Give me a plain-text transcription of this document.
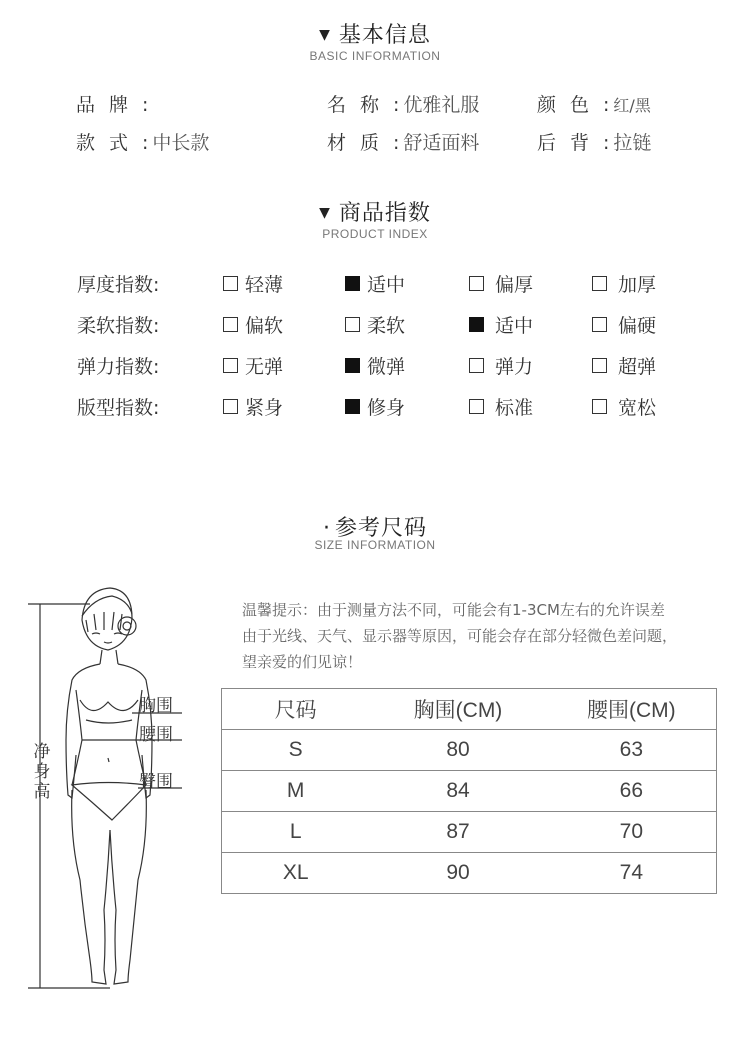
▼ 基本信息
BASIC INFORMATION
品牌:	名称: 优雅礼服	颜色: 红/黑
款式: 中长款	材质: 舒适面料	后背: 拉链
▼ 商品指数
PRODUCT INDEX
厚度指数:	轻薄	适中	偏厚	加厚
柔软指数:	偏软	柔软	适中	偏硬
弹力指数:	无弹	微弹	弹力	超弹
版型指数:	紧身	修身	标准	宽松
· 参考尺码
SIZE INFORMATION
温馨提示：由于测量方法不同，可能会有1-3CM左右的允许误差
由于光线、天气、显示器等原因，可能会存在部分轻微色差问题，
望亲爱的们见谅！
胸围
腰围
臀围
净
身
高
尺码	胸围(CM)	腰围(CM)
S	80	63
M	84	66
L	87	70
XL	90	74
